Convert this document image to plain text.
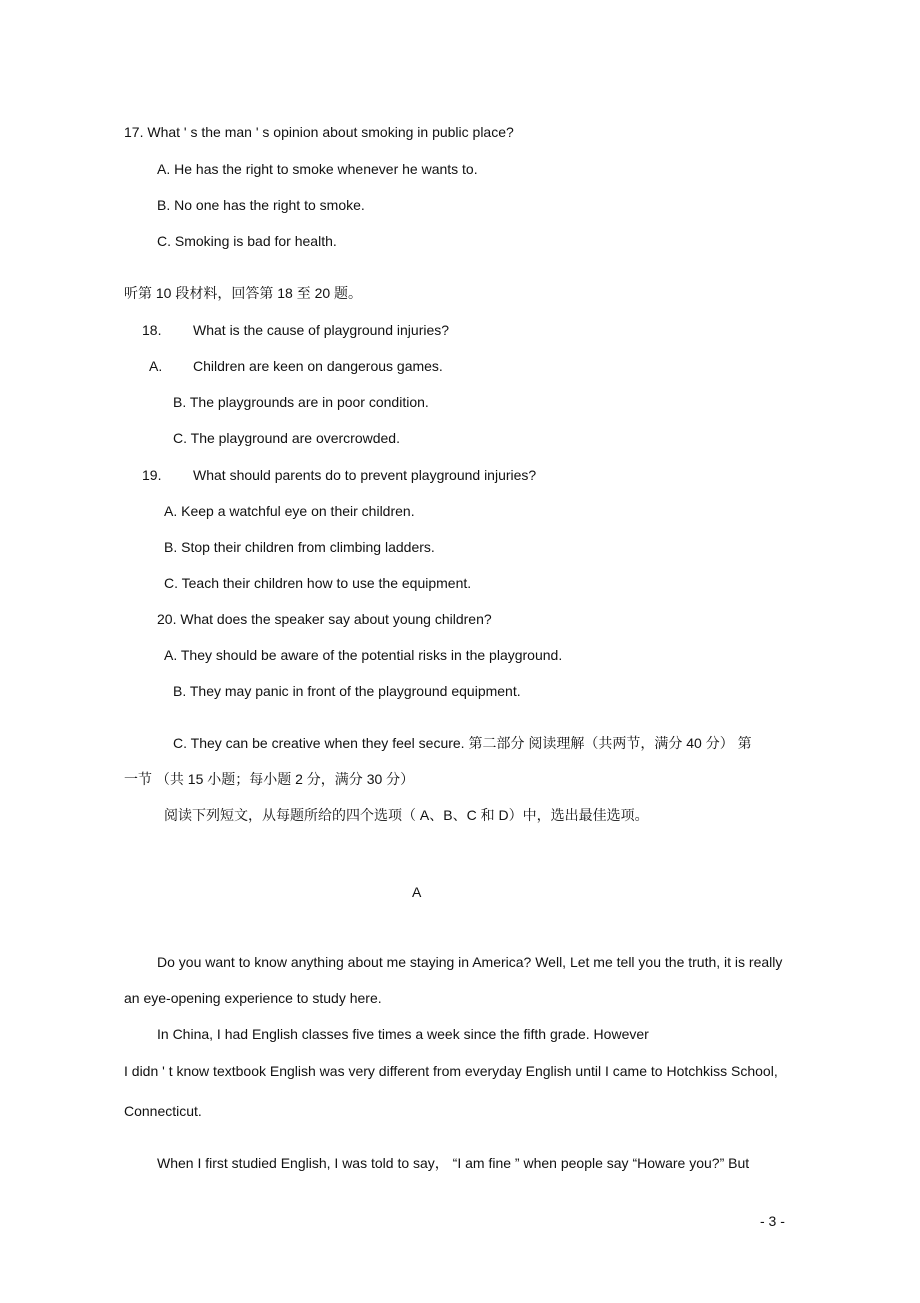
17. What ' s the man ' s opinion about smoking in public place?
A. He has the right to smoke whenever he wants to.
B. No one has the right to smoke.
C. Smoking is bad for health.
听第 10 段材料，回答第 18 至 20 题。
18. What is the cause of playground injuries?
A. Children are keen on dangerous games.
B. The playgrounds are in poor condition.
C. The playground are overcrowded.
19. What should parents do to prevent playground injuries?
A. Keep a watchful eye on their children.
B. Stop their children from climbing ladders.
C. Teach their children how to use the equipment.
20. What does the speaker say about young children?
A. They should be aware of the potential risks in the playground.
B. They may panic in front of the playground equipment.
C. They can be creative when they feel secure. 第二部分 阅读理解（共两节，满分 40 分） 第
一节 （共 15 小题；每小题 2 分，满分 30 分）
阅读下列短文，从每题所给的四个选项（ A、B、C 和 D）中，选出最佳选项。
A
Do you want to know anything about me staying in America? Well, Let me tell you the truth, it is really
an eye-opening experience to study here.
In China, I had English classes five times a week since the fifth grade. However
I didn ' t know textbook English was very different from everyday English until I came to Hotchkiss School,
Connecticut.
When I first studied English, I was told to say， “I am fine ” when people say “Howare you?” But
- 3 -
